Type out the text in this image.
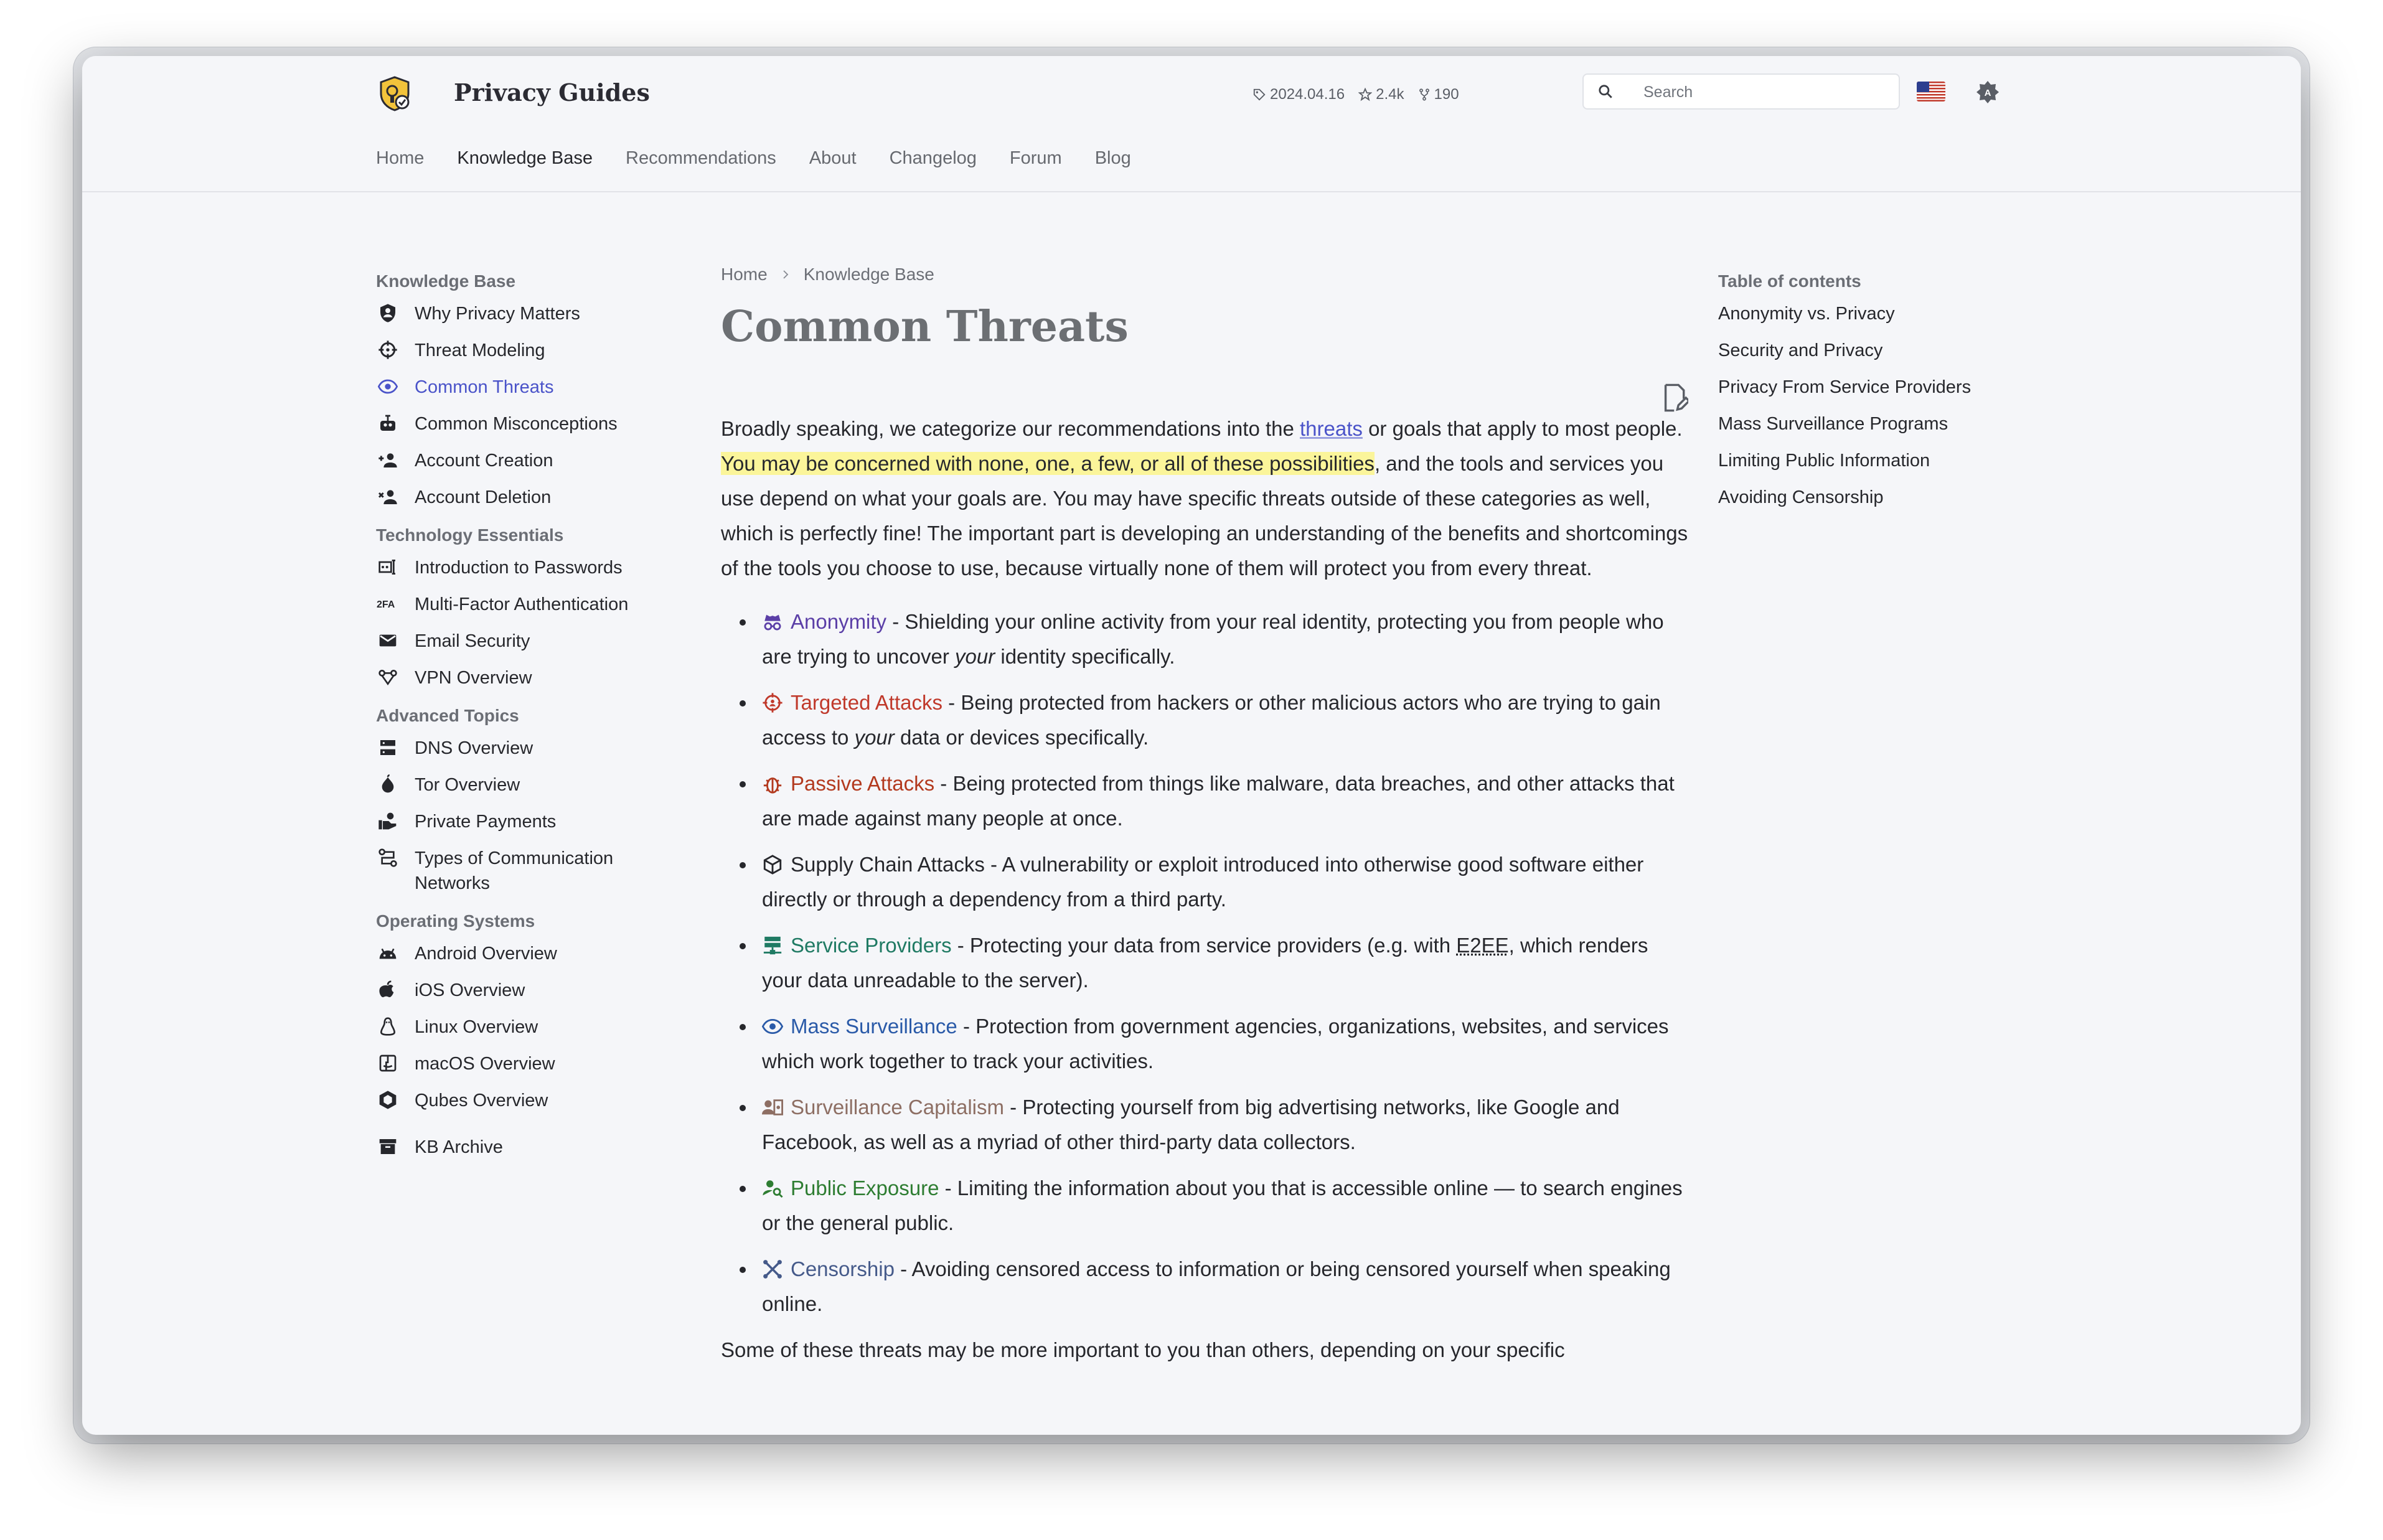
Privacy Guides	2024.04.16 2.4k 190	Search	A
Home Knowledge Base Recommendations About Changelog Forum Blog
Knowledge Base
Why Privacy Matters
Threat Modeling
Common Threats
Common Misconceptions
Account Creation
Account Deletion
Technology Essentials
Introduction to Passwords
2FA Multi-Factor Authentication
Email Security
VPN Overview
Advanced Topics
DNS Overview
Tor Overview
Private Payments
Types of Communication Networks
Operating Systems
Android Overview
iOS Overview
Linux Overview
macOS Overview
Qubes Overview
KB Archive
Home Knowledge Base
Common Threats
Broadly speaking, we categorize our recommendations into the threats or goals that apply to most people. You may be concerned with none, one, a few, or all of these possibilities, and the tools and services you use depend on what your goals are. You may have specific threats outside of these categories as well, which is perfectly fine! The important part is developing an understanding of the benefits and shortcomings of the tools you choose to use, because virtually none of them will protect you from every threat.
Anonymity - Shielding your online activity from your real identity, protecting you from people who are trying to uncover your identity specifically.
Targeted Attacks - Being protected from hackers or other malicious actors who are trying to gain access to your data or devices specifically.
Passive Attacks - Being protected from things like malware, data breaches, and other attacks that are made against many people at once.
Supply Chain Attacks - A vulnerability or exploit introduced into otherwise good software either directly or through a dependency from a third party.
Service Providers - Protecting your data from service providers (e.g. with E2EE, which renders your data unreadable to the server).
Mass Surveillance - Protection from government agencies, organizations, websites, and services which work together to track your activities.
Surveillance Capitalism - Protecting yourself from big advertising networks, like Google and Facebook, as well as a myriad of other third-party data collectors.
Public Exposure - Limiting the information about you that is accessible online — to search engines or the general public.
Censorship - Avoiding censored access to information or being censored yourself when speaking online.
Some of these threats may be more important to you than others, depending on your specific
Table of contents
Anonymity vs. Privacy
Security and Privacy
Privacy From Service Providers
Mass Surveillance Programs
Limiting Public Information
Avoiding Censorship
